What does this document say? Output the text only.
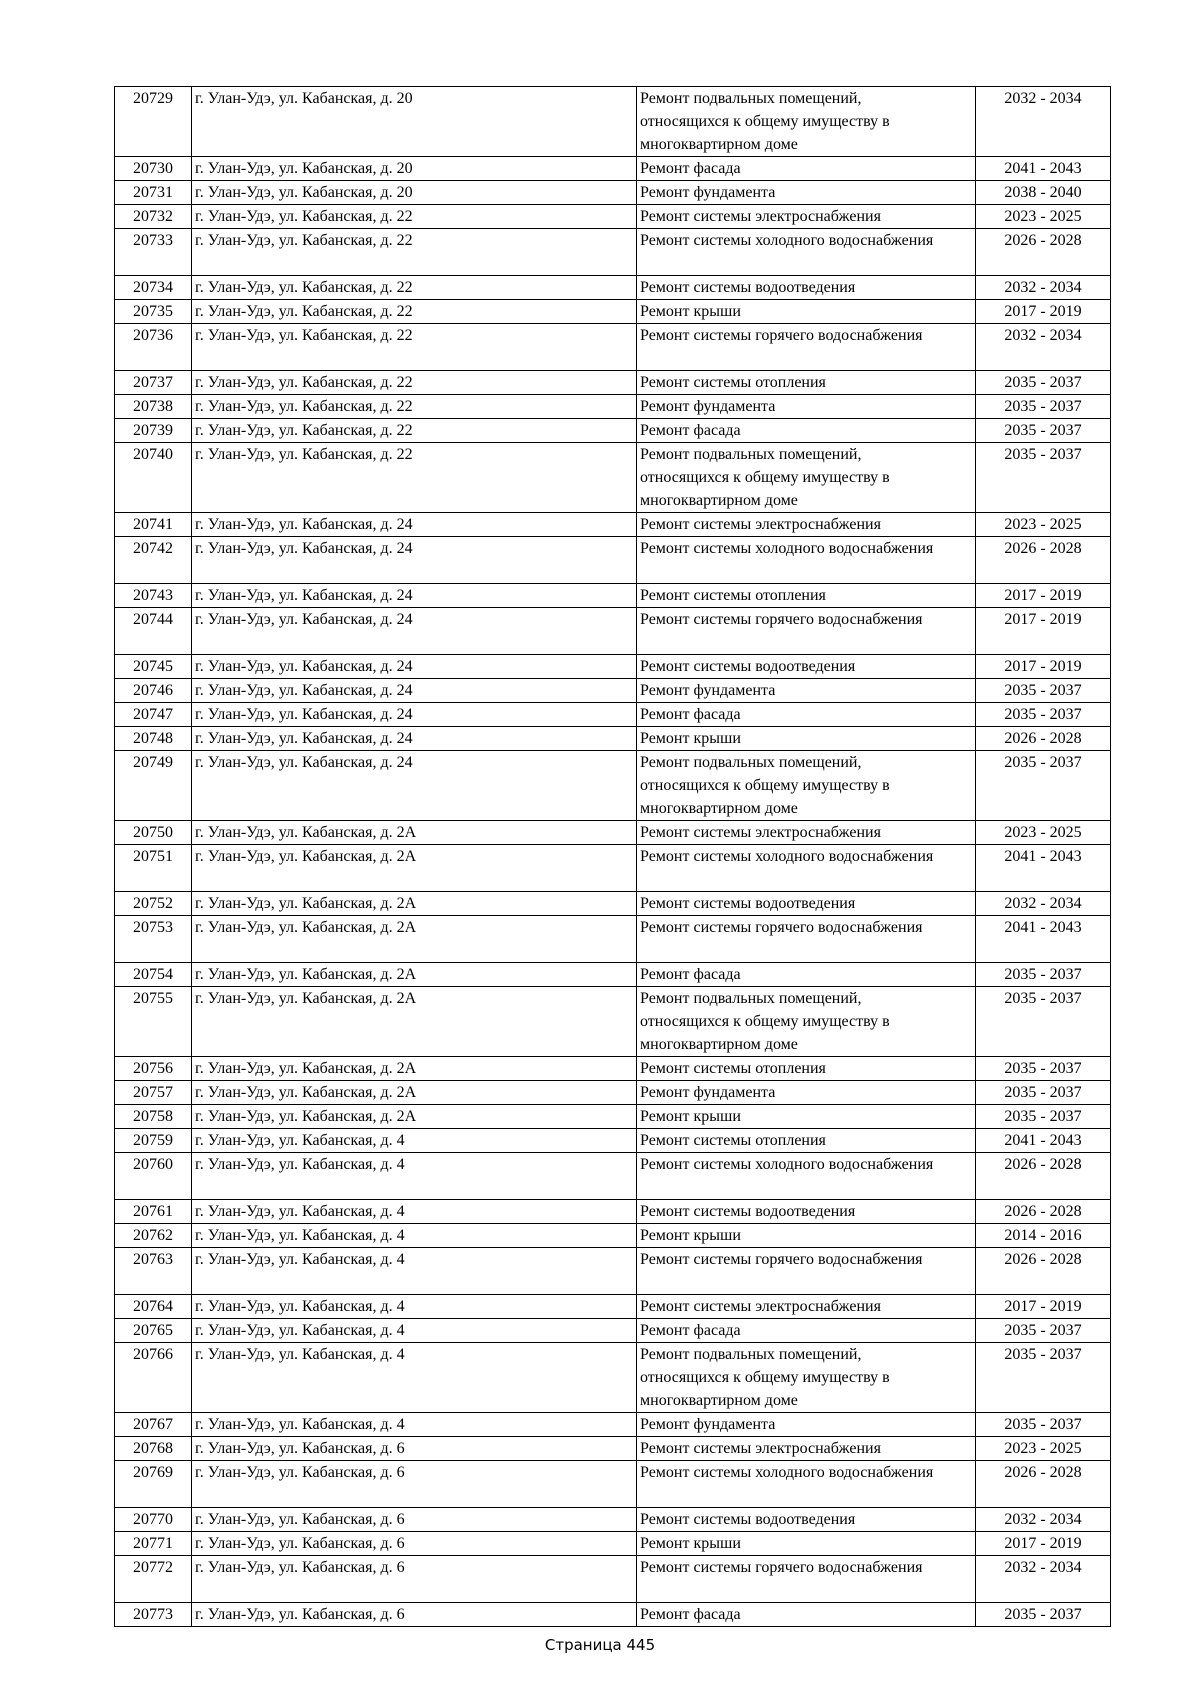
20729	г. Улан-Удэ, ул. Кабанская, д. 20	Ремонт подвальных помещений,
относящихся к общему имуществу в
многоквартирном доме	2032 - 2034
20730	г. Улан-Удэ, ул. Кабанская, д. 20	Ремонт фасада	2041 - 2043
20731	г. Улан-Удэ, ул. Кабанская, д. 20	Ремонт фундамента	2038 - 2040
20732	г. Улан-Удэ, ул. Кабанская, д. 22	Ремонт системы электроснабжения	2023 - 2025
20733	г. Улан-Удэ, ул. Кабанская, д. 22	Ремонт системы холодного водоснабжения	2026 - 2028
20734	г. Улан-Удэ, ул. Кабанская, д. 22	Ремонт системы водоотведения	2032 - 2034
20735	г. Улан-Удэ, ул. Кабанская, д. 22	Ремонт крыши	2017 - 2019
20736	г. Улан-Удэ, ул. Кабанская, д. 22	Ремонт системы горячего водоснабжения	2032 - 2034
20737	г. Улан-Удэ, ул. Кабанская, д. 22	Ремонт системы отопления	2035 - 2037
20738	г. Улан-Удэ, ул. Кабанская, д. 22	Ремонт фундамента	2035 - 2037
20739	г. Улан-Удэ, ул. Кабанская, д. 22	Ремонт фасада	2035 - 2037
20740	г. Улан-Удэ, ул. Кабанская, д. 22	Ремонт подвальных помещений,
относящихся к общему имуществу в
многоквартирном доме	2035 - 2037
20741	г. Улан-Удэ, ул. Кабанская, д. 24	Ремонт системы электроснабжения	2023 - 2025
20742	г. Улан-Удэ, ул. Кабанская, д. 24	Ремонт системы холодного водоснабжения	2026 - 2028
20743	г. Улан-Удэ, ул. Кабанская, д. 24	Ремонт системы отопления	2017 - 2019
20744	г. Улан-Удэ, ул. Кабанская, д. 24	Ремонт системы горячего водоснабжения	2017 - 2019
20745	г. Улан-Удэ, ул. Кабанская, д. 24	Ремонт системы водоотведения	2017 - 2019
20746	г. Улан-Удэ, ул. Кабанская, д. 24	Ремонт фундамента	2035 - 2037
20747	г. Улан-Удэ, ул. Кабанская, д. 24	Ремонт фасада	2035 - 2037
20748	г. Улан-Удэ, ул. Кабанская, д. 24	Ремонт крыши	2026 - 2028
20749	г. Улан-Удэ, ул. Кабанская, д. 24	Ремонт подвальных помещений,
относящихся к общему имуществу в
многоквартирном доме	2035 - 2037
20750	г. Улан-Удэ, ул. Кабанская, д. 2А	Ремонт системы электроснабжения	2023 - 2025
20751	г. Улан-Удэ, ул. Кабанская, д. 2А	Ремонт системы холодного водоснабжения	2041 - 2043
20752	г. Улан-Удэ, ул. Кабанская, д. 2А	Ремонт системы водоотведения	2032 - 2034
20753	г. Улан-Удэ, ул. Кабанская, д. 2А	Ремонт системы горячего водоснабжения	2041 - 2043
20754	г. Улан-Удэ, ул. Кабанская, д. 2А	Ремонт фасада	2035 - 2037
20755	г. Улан-Удэ, ул. Кабанская, д. 2А	Ремонт подвальных помещений,
относящихся к общему имуществу в
многоквартирном доме	2035 - 2037
20756	г. Улан-Удэ, ул. Кабанская, д. 2А	Ремонт системы отопления	2035 - 2037
20757	г. Улан-Удэ, ул. Кабанская, д. 2А	Ремонт фундамента	2035 - 2037
20758	г. Улан-Удэ, ул. Кабанская, д. 2А	Ремонт крыши	2035 - 2037
20759	г. Улан-Удэ, ул. Кабанская, д. 4	Ремонт системы отопления	2041 - 2043
20760	г. Улан-Удэ, ул. Кабанская, д. 4	Ремонт системы холодного водоснабжения	2026 - 2028
20761	г. Улан-Удэ, ул. Кабанская, д. 4	Ремонт системы водоотведения	2026 - 2028
20762	г. Улан-Удэ, ул. Кабанская, д. 4	Ремонт крыши	2014 - 2016
20763	г. Улан-Удэ, ул. Кабанская, д. 4	Ремонт системы горячего водоснабжения	2026 - 2028
20764	г. Улан-Удэ, ул. Кабанская, д. 4	Ремонт системы электроснабжения	2017 - 2019
20765	г. Улан-Удэ, ул. Кабанская, д. 4	Ремонт фасада	2035 - 2037
20766	г. Улан-Удэ, ул. Кабанская, д. 4	Ремонт подвальных помещений,
относящихся к общему имуществу в
многоквартирном доме	2035 - 2037
20767	г. Улан-Удэ, ул. Кабанская, д. 4	Ремонт фундамента	2035 - 2037
20768	г. Улан-Удэ, ул. Кабанская, д. 6	Ремонт системы электроснабжения	2023 - 2025
20769	г. Улан-Удэ, ул. Кабанская, д. 6	Ремонт системы холодного водоснабжения	2026 - 2028
20770	г. Улан-Удэ, ул. Кабанская, д. 6	Ремонт системы водоотведения	2032 - 2034
20771	г. Улан-Удэ, ул. Кабанская, д. 6	Ремонт крыши	2017 - 2019
20772	г. Улан-Удэ, ул. Кабанская, д. 6	Ремонт системы горячего водоснабжения	2032 - 2034
20773	г. Улан-Удэ, ул. Кабанская, д. 6	Ремонт фасада	2035 - 2037
Страница 445
